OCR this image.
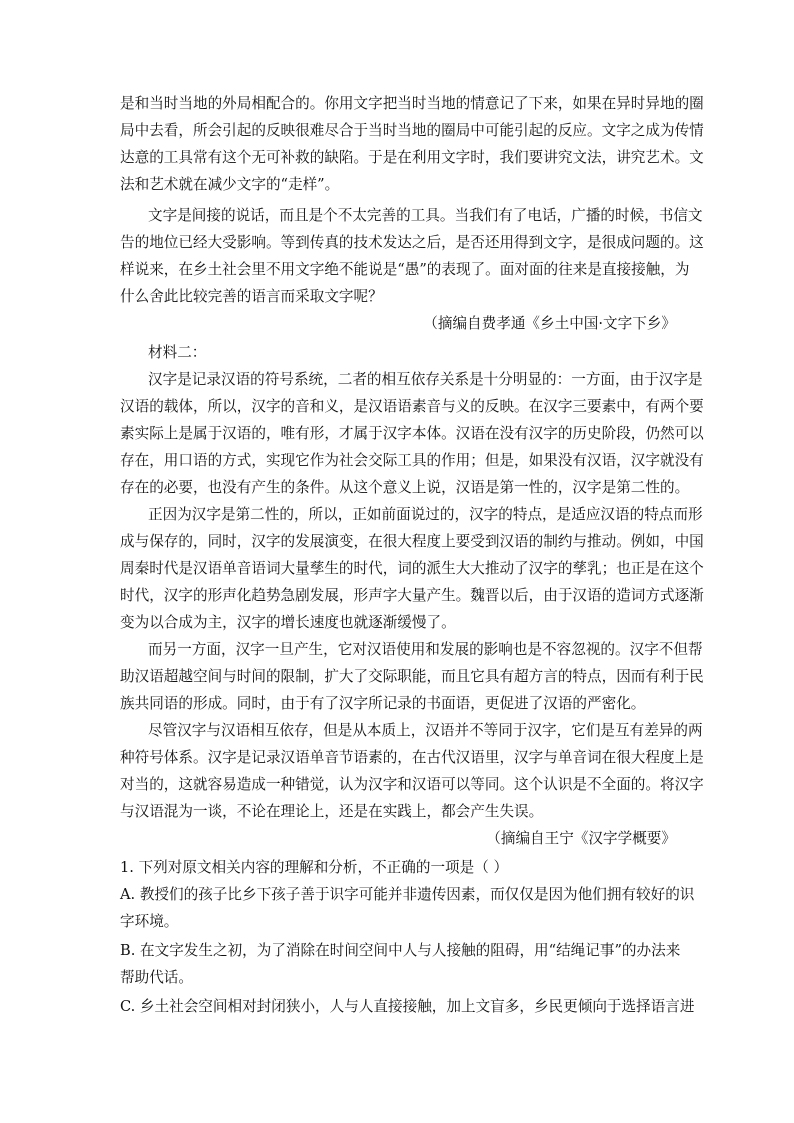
是和当时当地的外局相配合的。你用文字把当时当地的情意记了下来，如果在异时异地的圈
局中去看，所会引起的反映很难尽合于当时当地的圈局中可能引起的反应。文字之成为传情
达意的工具常有这个无可补救的缺陷。于是在利用文字时，我们要讲究文法，讲究艺术。文
法和艺术就在减少文字的“走样”。
文字是间接的说话，而且是个不太完善的工具。当我们有了电话，广播的时候，书信文
告的地位已经大受影响。等到传真的技术发达之后，是否还用得到文字，是很成问题的。这
样说来，在乡土社会里不用文字绝不能说是“愚”的表现了。面对面的往来是直接接触，为
什么舍此比较完善的语言而采取文字呢？
（摘编自费孝通《乡土中国·文字下乡》
材料二：
汉字是记录汉语的符号系统，二者的相互依存关系是十分明显的：一方面，由于汉字是
汉语的载体，所以，汉字的音和义，是汉语语素音与义的反映。在汉字三要素中，有两个要
素实际上是属于汉语的，唯有形，才属于汉字本体。汉语在没有汉字的历史阶段，仍然可以
存在，用口语的方式，实现它作为社会交际工具的作用；但是，如果没有汉语，汉字就没有
存在的必要，也没有产生的条件。从这个意义上说，汉语是第一性的，汉字是第二性的。
正因为汉字是第二性的，所以，正如前面说过的，汉字的特点，是适应汉语的特点而形
成与保存的，同时，汉字的发展演变，在很大程度上要受到汉语的制约与推动。例如，中国
周秦时代是汉语单音语词大量孳生的时代，词的派生大大推动了汉字的孳乳；也正是在这个
时代，汉字的形声化趋势急剧发展，形声字大量产生。魏晋以后，由于汉语的造词方式逐渐
变为以合成为主，汉字的增长速度也就逐渐缓慢了。
而另一方面，汉字一旦产生，它对汉语使用和发展的影响也是不容忽视的。汉字不但帮
助汉语超越空间与时间的限制，扩大了交际职能，而且它具有超方言的特点，因而有利于民
族共同语的形成。同时，由于有了汉字所记录的书面语，更促进了汉语的严密化。
尽管汉字与汉语相互依存，但是从本质上，汉语并不等同于汉字，它们是互有差异的两
种符号体系。汉字是记录汉语单音节语素的，在古代汉语里，汉字与单音词在很大程度上是
对当的，这就容易造成一种错觉，认为汉字和汉语可以等同。这个认识是不全面的。将汉字
与汉语混为一谈，不论在理论上，还是在实践上，都会产生失误。
（摘编自王宁《汉字学概要》
1. 下列对原文相关内容的理解和分析，不正确的一项是（ ）
A. 教授们的孩子比乡下孩子善于识字可能并非遗传因素，而仅仅是因为他们拥有较好的识
字环境。
B. 在文字发生之初，为了消除在时间空间中人与人接触的阻碍，用“结绳记事”的办法来
帮助代话。
C. 乡土社会空间相对封闭狭小，人与人直接接触，加上文盲多，乡民更倾向于选择语言进
